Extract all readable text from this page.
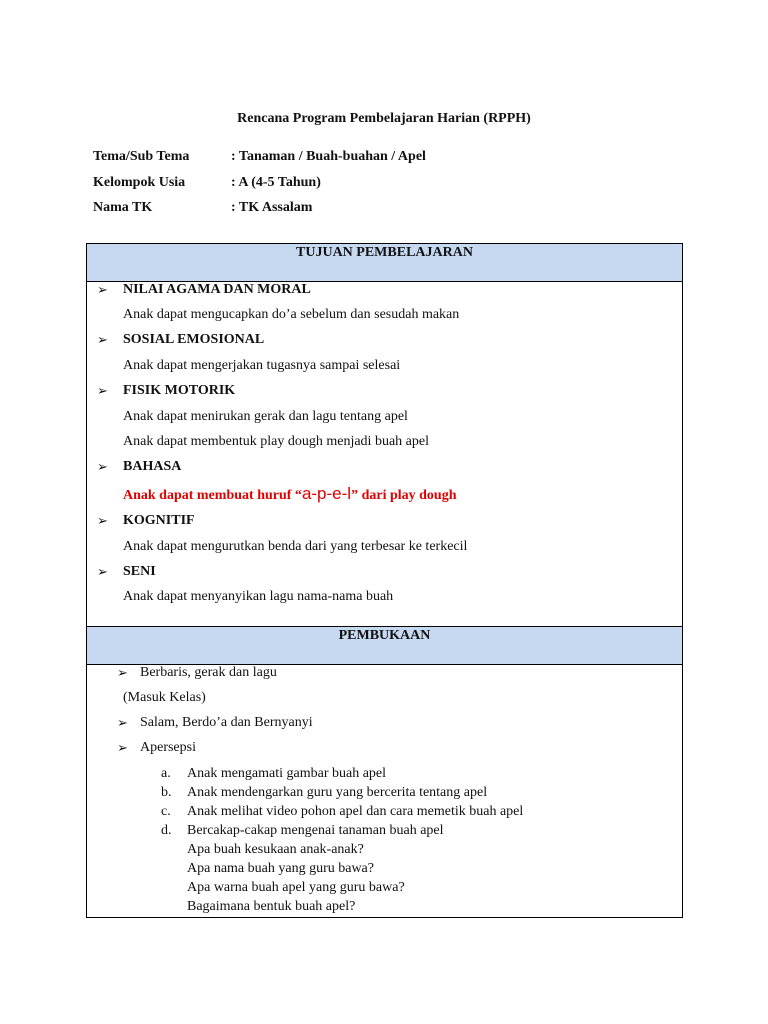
Rencana Program Pembelajaran Harian (RPPH)
Tema/Sub Tema	: Tanaman / Buah-buahan / Apel
Kelompok Usia	: A (4-5 Tahun)
Nama TK	: TK Assalam
TUJUAN PEMBELAJARAN
➢ NILAI AGAMA DAN MORAL
Anak dapat mengucapkan do’a sebelum dan sesudah makan
➢ SOSIAL EMOSIONAL
Anak dapat mengerjakan tugasnya sampai selesai
➢ FISIK MOTORIK
Anak dapat menirukan gerak dan lagu tentang apel
Anak dapat membentuk play dough menjadi buah apel
➢ BAHASA
Anak dapat membuat huruf “a-p-e-l” dari play dough
➢ KOGNITIF
Anak dapat mengurutkan benda dari yang terbesar ke terkecil
➢ SENI
Anak dapat menyanyikan lagu nama-nama buah
PEMBUKAAN
➢ Berbaris, gerak dan lagu
(Masuk Kelas)
➢ Salam, Berdo’a dan Bernyanyi
➢ Apersepsi
a. Anak mengamati gambar buah apel
b. Anak mendengarkan guru yang bercerita tentang apel
c. Anak melihat video pohon apel dan cara memetik buah apel
d. Bercakap-cakap mengenai tanaman buah apel
Apa buah kesukaan anak-anak?
Apa nama buah yang guru bawa?
Apa warna buah apel yang guru bawa?
Bagaimana bentuk buah apel?
